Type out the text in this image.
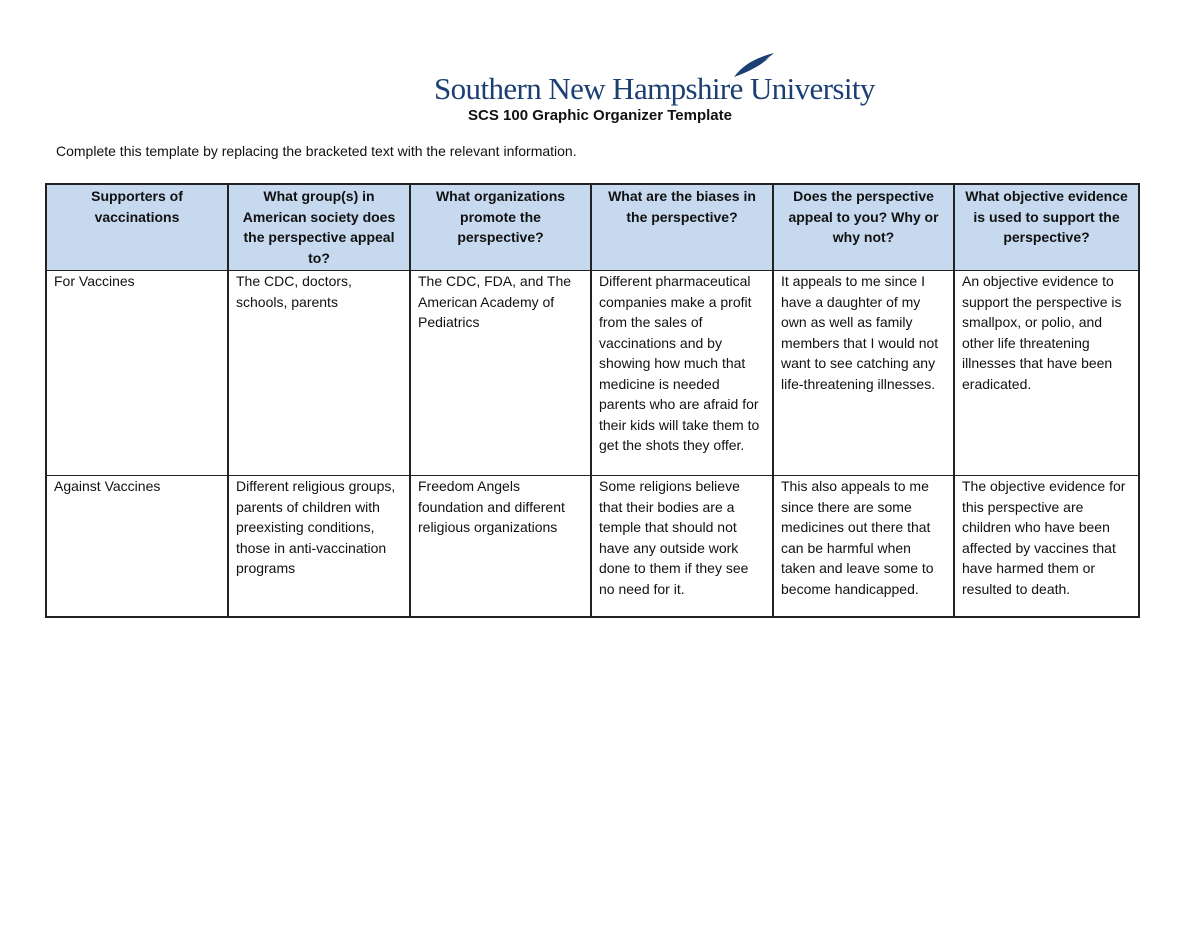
Southern New Hampshire University
SCS 100 Graphic Organizer Template
Complete this template by replacing the bracketed text with the relevant information.
Supporters of vaccinations	What group(s) in American society does the perspective appeal to?	What organizations promote the perspective?	What are the biases in the perspective?	Does the perspective appeal to you? Why or why not?	What objective evidence is used to support the perspective?
For Vaccines	The CDC, doctors, schools, parents	The CDC, FDA, and The American Academy of Pediatrics	Different pharmaceutical companies make a profit from the sales of vaccinations and by showing how much that medicine is needed parents who are afraid for their kids will take them to get the shots they offer.	It appeals to me since I have a daughter of my own as well as family members that I would not want to see catching any life-threatening illnesses.	An objective evidence to support the perspective is smallpox, or polio, and other life threatening illnesses that have been eradicated.
Against Vaccines	Different religious groups, parents of children with preexisting conditions, those in anti-vaccination programs	Freedom Angels foundation and different religious organizations	Some religions believe that their bodies are a temple that should not have any outside work done to them if they see no need for it.	This also appeals to me since there are some medicines out there that can be harmful when taken and leave some to become handicapped.	The objective evidence for this perspective are children who have been affected by vaccines that have harmed them or resulted to death.
